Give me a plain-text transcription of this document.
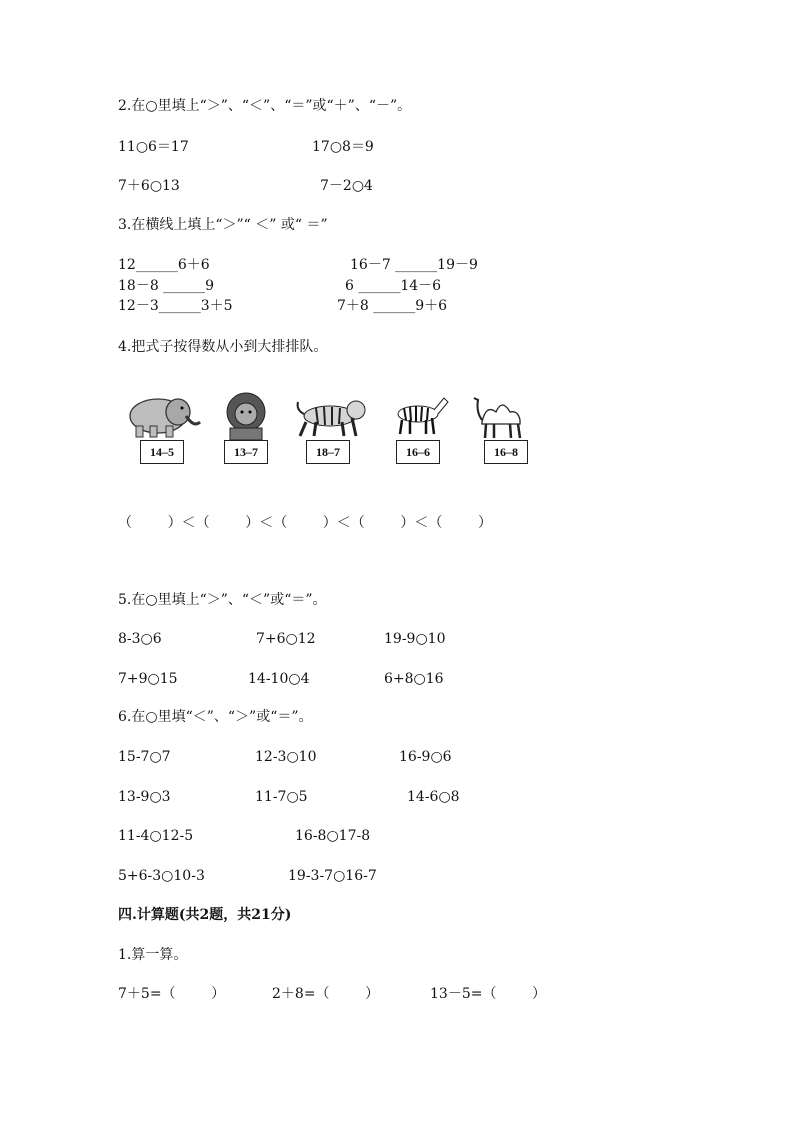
2.在○里填上“＞”、“＜”、“＝”或“＋”、“－”。
11○6＝17	17○8＝9
7＋6○13	7－2○4
3.在横线上填上“＞”“ ＜” 或“ ＝”
12______6＋6	16－7 ______19－9
18－8 ______9	6 ______14－6
12－3______3＋5	7＋8 ______9＋6
4.把式子按得数从小到大排排队。
14–5	13–7	18–7	16–6	16–8
（        ）＜（        ）＜（        ）＜（        ）＜（        ）
5.在○里填上“＞”、“＜”或“＝”。
8-3○6	7+6○12	19-9○10
7+9○15	14-10○4	6+8○16
6.在○里填“＜”、“＞”或“＝”。
15-7○7	12-3○10	16-9○6
13-9○3	11-7○5	14-6○8
11-4○12-5	16-8○17-8
5+6-3○10-3	19-3-7○16-7
四.计算题(共2题，共21分)
1.算一算。
7＋5=（        ）	2＋8=（        ）	13－5=（        ）
